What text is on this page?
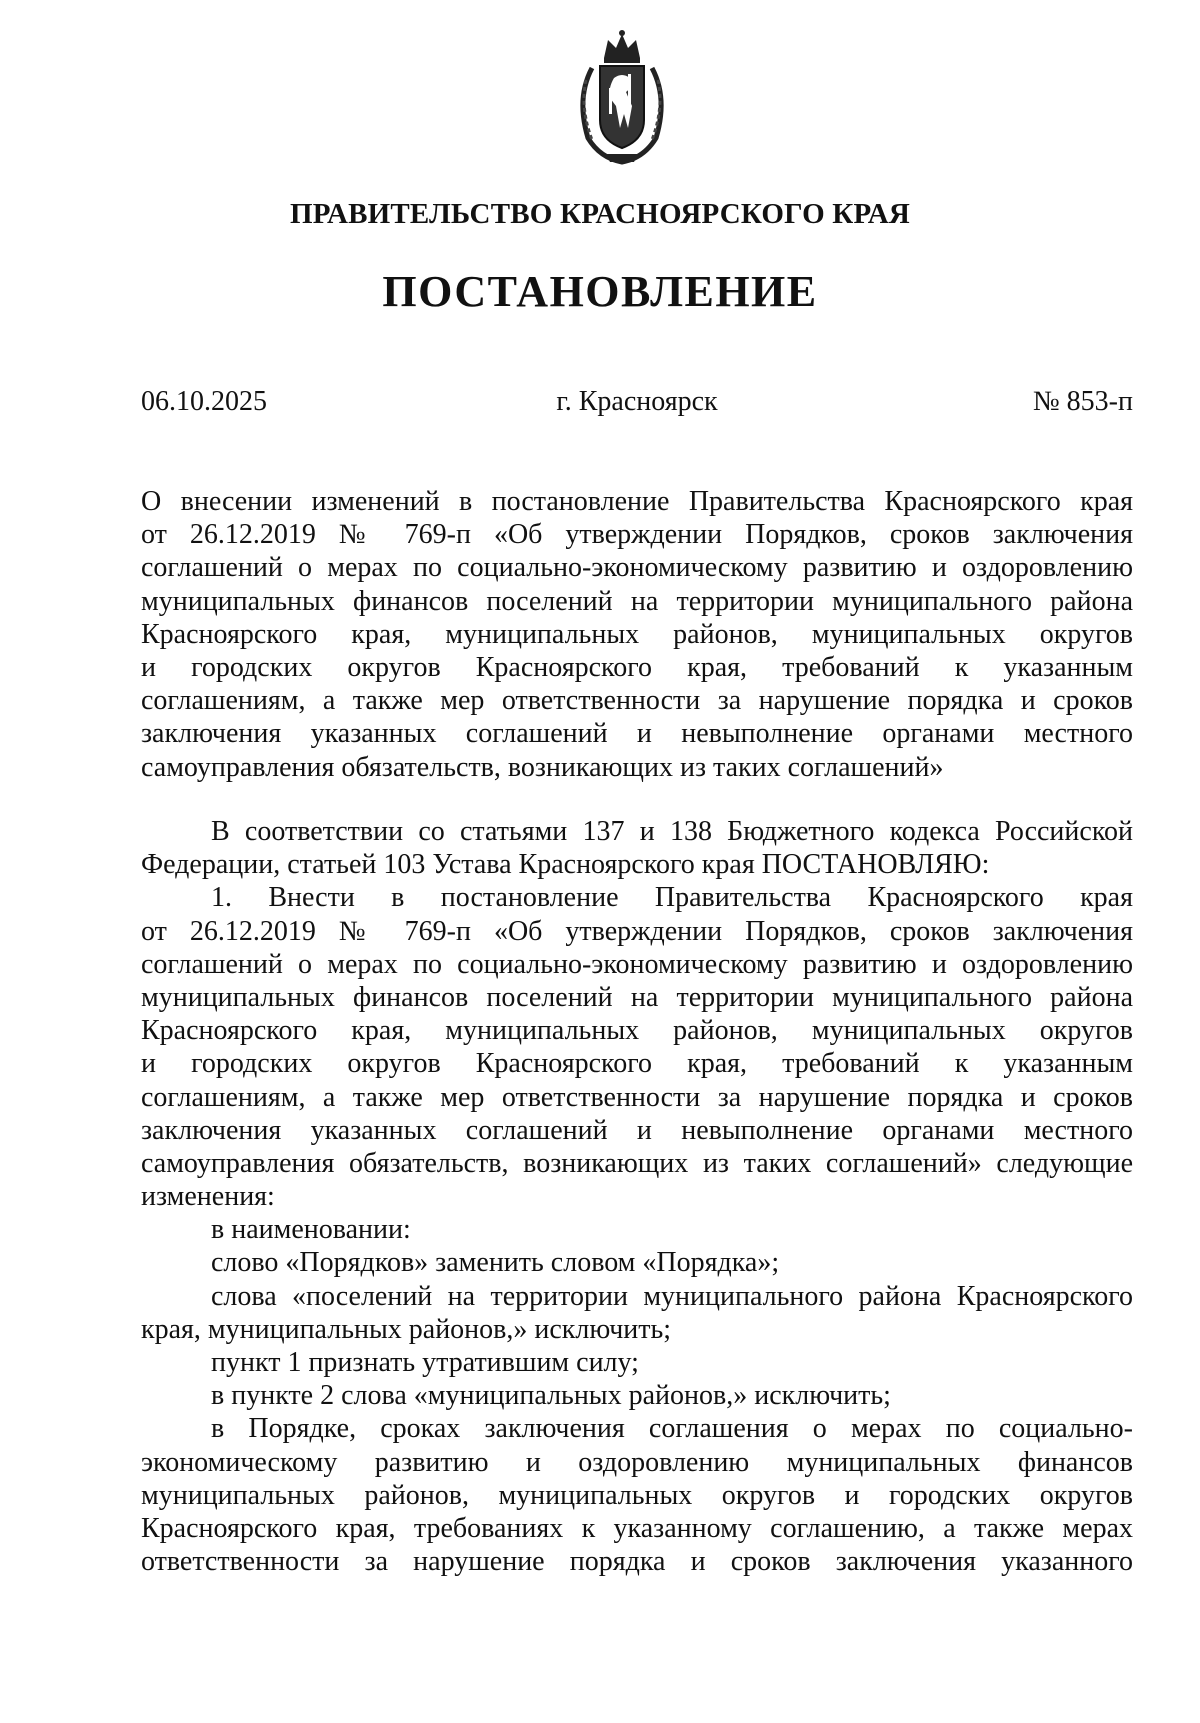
ПРАВИТЕЛЬСТВО КРАСНОЯРСКОГО КРАЯ
ПОСТАНОВЛЕНИЕ
г. Красноярск
06.10.2025	№ 853-п
О внесении изменений в постановление Правительства Красноярского края
от 26.12.2019 № 769-п «Об утверждении Порядков, сроков заключения
соглашений о мерах по социально-экономическому развитию и оздоровлению
муниципальных финансов поселений на территории муниципального района
Красноярского края, муниципальных районов, муниципальных округов
и городских округов Красноярского края, требований к указанным
соглашениям, а также мер ответственности за нарушение порядка и сроков
заключения указанных соглашений и невыполнение органами местного
самоуправления обязательств, возникающих из таких соглашений»
В соответствии со статьями 137 и 138 Бюджетного кодекса Российской
Федерации, статьей 103 Устава Красноярского края ПОСТАНОВЛЯЮ:
1. Внести в постановление Правительства Красноярского края
от 26.12.2019 № 769-п «Об утверждении Порядков, сроков заключения
соглашений о мерах по социально-экономическому развитию и оздоровлению
муниципальных финансов поселений на территории муниципального района
Красноярского края, муниципальных районов, муниципальных округов
и городских округов Красноярского края, требований к указанным
соглашениям, а также мер ответственности за нарушение порядка и сроков
заключения указанных соглашений и невыполнение органами местного
самоуправления обязательств, возникающих из таких соглашений» следующие
изменения:
в наименовании:
слово «Порядков» заменить словом «Порядка»;
слова «поселений на территории муниципального района Красноярского
края, муниципальных районов,» исключить;
пункт 1 признать утратившим силу;
в пункте 2 слова «муниципальных районов,» исключить;
в Порядке, сроках заключения соглашения о мерах по социально-
экономическому развитию и оздоровлению муниципальных финансов
муниципальных районов, муниципальных округов и городских округов
Красноярского края, требованиях к указанному соглашению, а также мерах
ответственности за нарушение порядка и сроков заключения указанного
